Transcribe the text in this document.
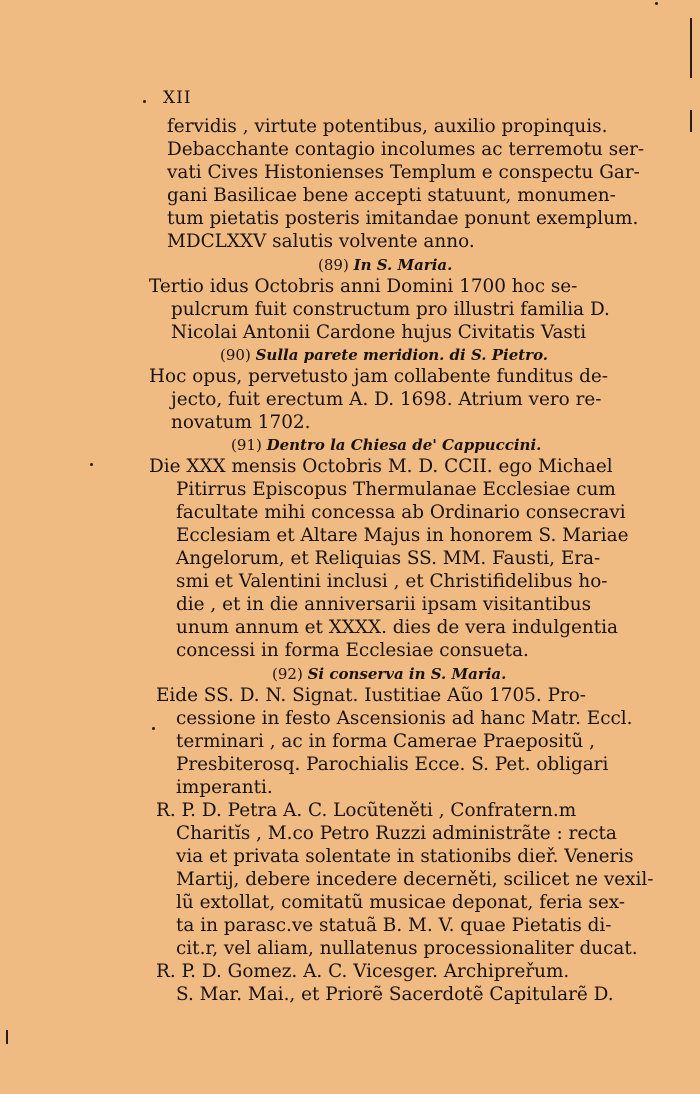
XII
fervidis , virtute potentibus, auxilio propinquis.
Debacchante contagio incolumes ac terremotu ser-
vati Cives Histonienses Templum e conspectu Gar-
gani Basilicae bene accepti statuunt, monumen-
tum pietatis posteris imitandae ponunt exemplum.
MDCLXXV salutis volvente anno.
(89) In S. Maria.
Tertio idus Octobris anni Domini 1700 hoc se-
pulcrum fuit constructum pro illustri familia D.
Nicolai Antonii Cardone hujus Civitatis Vasti
(90) Sulla parete meridion. di S. Pietro.
Hoc opus, pervetusto jam collabente funditus de-
jecto, fuit erectum A. D. 1698. Atrium vero re-
novatum 1702.
(91) Dentro la Chiesa de' Cappuccini.
Die XXX mensis Octobris M. D. CCII. ego Michael
Pitirrus Episcopus Thermulanae Ecclesiae cum
facultate mihi concessa ab Ordinario consecravi
Ecclesiam et Altare Majus in honorem S. Mariae
Angelorum, et Reliquias SS. MM. Fausti, Era-
smi et Valentini inclusi , et Christifidelibus ho-
die , et in die anniversarii ipsam visitantibus
unum annum et XXXX. dies de vera indulgentia
concessi in forma Ecclesiae consueta.
(92) Si conserva in S. Maria.
Eide SS. D. N. Signat. Iustitiae Aũo 1705. Pro-
cessione in festo Ascensionis ad hanc Matr. Eccl.
terminari , ac in forma Camerae Praepositũ ,
Presbiterosq. Parochialis Ecce. S. Pet. obligari
imperanti.
R. P. D. Petra A. C. Locũteněti , Confratern.m
Charitĭs , M.co Petro Ruzzi administrãte : recta
via et privata solentate in stationibs dieř. Veneris
Martij, debere incedere decerněti, scilicet ne vexil-
lũ extollat, comitatũ musicae deponat, feria sex-
ta in parasc.ve statuã B. M. V. quae Pietatis di-
cit.r, vel aliam, nullatenus processionaliter ducat.
R. P. D. Gomez. A. C. Vicesger. Archipreřum.
S. Mar. Mai., et Priorẽ Sacerdotẽ Capitularẽ D.
